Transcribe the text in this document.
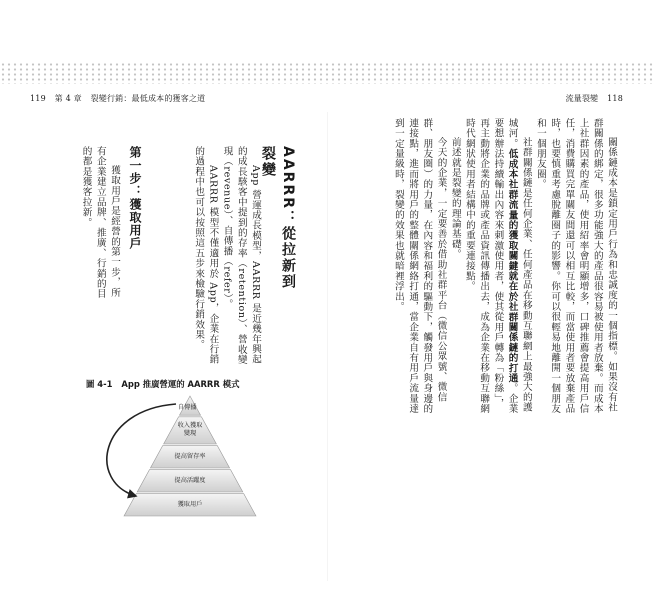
119 第 4 章 裂變行銷：最低成本的獲客之道	流量裂變 118

關係鏈成本是鎖定用戶行為和忠誠度的一個指標。如果沒有社群關係的綁定，很多功能強大的產品很容易被使用者放棄。而成本上社群因素的產品，使用紹率會明顯增多，口碑推薦會提高用戶信任，消費購買完單關友間還可以相互比較，而當使用者要放棄產品時，也要慎重考慮脫離圈子的影響。你可以很輕易地離開一個朋友和一個朋友圈。

社群關係鏈是任何企業、任何產品在移動互聯網上最強大的護城河。低成本社群流量的獲取關鍵就在於社群關係鏈的打通。企業要想辦法持續輸出內容來刺激使用者，使其從用戶轉為「粉絲」，再主動將企業的品牌或產品資訊傳播出去，成為企業在移動互聯網時代網狀使用者結構中的重要連接點。

前述就是裂變的理論基礎。

今天的企業，一定要善於借助社群平台（微信公眾號、微信群、朋友圈）的力量，在內容和福利的驅動下，觸發用戶與身邊的連接點，進而將用戶的整體關係網絡打通，當企業自有用戶流量達到一定量級時，裂變的效果也就暗裡浮出。

AARRR：從拉新到裂變

App 營運成長模型，AARRR 是近幾年興起的成長駭客中提到的存率（retention）、營收變現（revenue）、自傳播（refer）。

AARRR 模型不僅適用於 App，企業在行銷的過程中也可以按照這五步來檢驗行銷效果。

第一步：獲取用戶

獲取用戶是經營的第一步，所有企業建立品牌、推廣、行銷的目的都是獲客拉新。

圖 4-1 App 推廣營運的 AARRR 模式
自傳播
收入獲取
變現
提高留存率
提高活躍度
獲取用戶
